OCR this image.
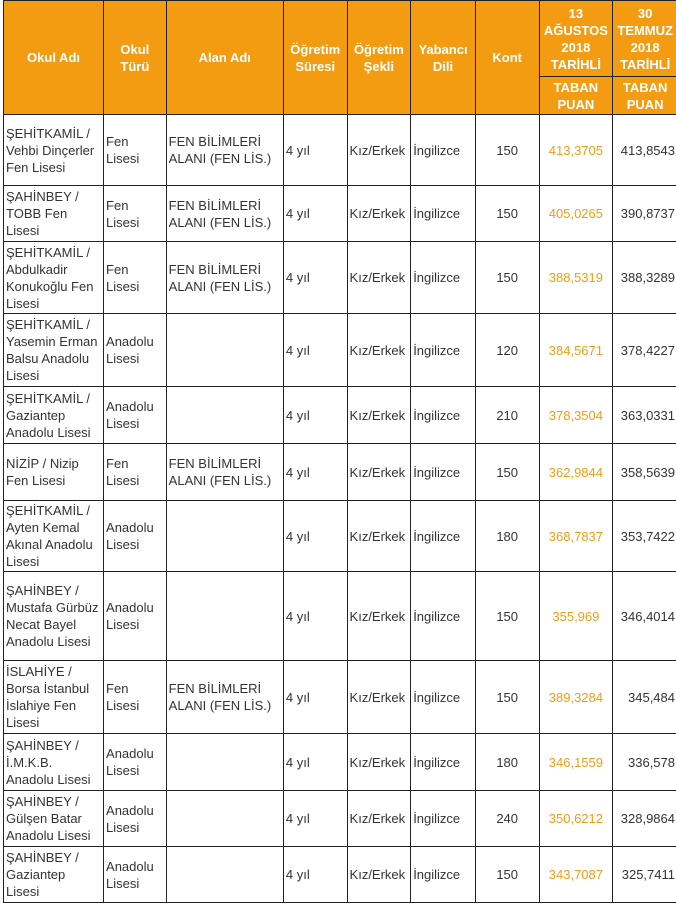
Okul Adı	Okul Türü	Alan Adı	Öğretim Süresi	Öğretim Şekli	Yabancı Dili	Kont	13 AĞUSTOS 2018 TARİHLİ	30 TEMMUZ 2018 TARİHLİ
							TABAN PUAN	TABAN PUAN
ŞEHİTKAMİL / Vehbi Dinçerler Fen Lisesi	Fen Lisesi	FEN BİLİMLERİ ALANI (FEN LİS.)	4 yıl	Kız/Erkek	İngilizce	150	413,3705	413,8543
ŞAHİNBEY / TOBB Fen Lisesi	Fen Lisesi	FEN BİLİMLERİ ALANI (FEN LİS.)	4 yıl	Kız/Erkek	İngilizce	150	405,0265	390,8737
ŞEHİTKAMİL / Abdulkadir Konukoğlu Fen Lisesi	Fen Lisesi	FEN BİLİMLERİ ALANI (FEN LİS.)	4 yıl	Kız/Erkek	İngilizce	150	388,5319	388,3289
ŞEHİTKAMİL / Yasemin Erman Balsu Anadolu Lisesi	Anadolu Lisesi		4 yıl	Kız/Erkek	İngilizce	120	384,5671	378,4227
ŞEHİTKAMİL / Gaziantep Anadolu Lisesi	Anadolu Lisesi		4 yıl	Kız/Erkek	İngilizce	210	378,3504	363,0331
NİZİP / Nizip Fen Lisesi	Fen Lisesi	FEN BİLİMLERİ ALANI (FEN LİS.)	4 yıl	Kız/Erkek	İngilizce	150	362,9844	358,5639
ŞEHİTKAMİL / Ayten Kemal Akınal Anadolu Lisesi	Anadolu Lisesi		4 yıl	Kız/Erkek	İngilizce	180	368,7837	353,7422
ŞAHİNBEY / Mustafa Gürbüz Necat Bayel Anadolu Lisesi	Anadolu Lisesi		4 yıl	Kız/Erkek	İngilizce	150	355,969	346,4014
İSLAHİYE / Borsa İstanbul İslahiye Fen Lisesi	Fen Lisesi	FEN BİLİMLERİ ALANI (FEN LİS.)	4 yıl	Kız/Erkek	İngilizce	150	389,3284	345,484
ŞAHİNBEY / İ.M.K.B. Anadolu Lisesi	Anadolu Lisesi		4 yıl	Kız/Erkek	İngilizce	180	346,1559	336,578
ŞAHİNBEY / Gülşen Batar Anadolu Lisesi	Anadolu Lisesi		4 yıl	Kız/Erkek	İngilizce	240	350,6212	328,9864
ŞAHİNBEY / Gaziantep Lisesi	Anadolu Lisesi		4 yıl	Kız/Erkek	İngilizce	150	343,7087	325,7411
